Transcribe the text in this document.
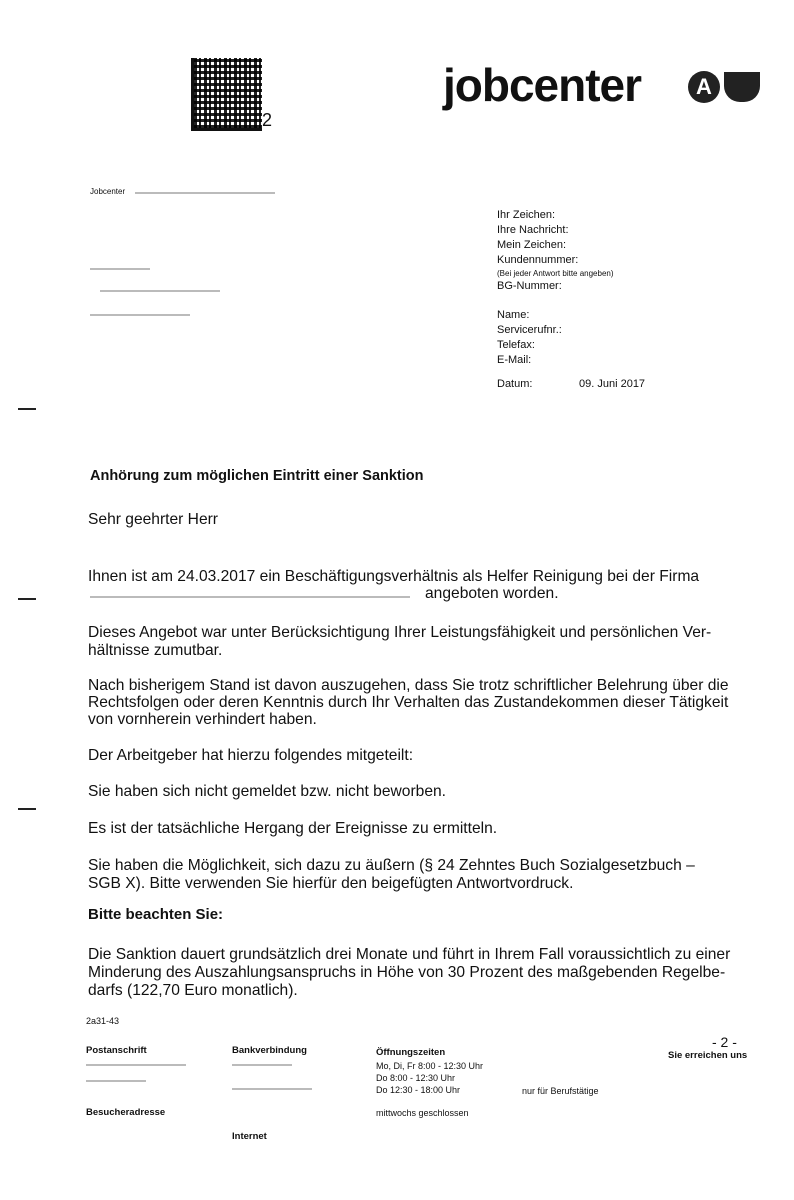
2
jobcenter	A
Jobcenter
Ihr Zeichen:
Ihre Nachricht:
Mein Zeichen:
Kundennummer:
(Bei jeder Antwort bitte angeben)
BG-Nummer:
Name:
Servicerufnr.:
Telefax:
E-Mail:
Datum:	09. Juni 2017
Anhörung zum möglichen Eintritt einer Sanktion
Sehr geehrter Herr
Ihnen ist am 24.03.2017 ein Beschäftigungsverhältnis als Helfer Reinigung bei der Firma
angeboten worden.
Dieses Angebot war unter Berücksichtigung Ihrer Leistungsfähigkeit und persönlichen Ver-
hältnisse zumutbar.
Nach bisherigem Stand ist davon auszugehen, dass Sie trotz schriftlicher Belehrung über die
Rechtsfolgen oder deren Kenntnis durch Ihr Verhalten das Zustandekommen dieser Tätigkeit
von vornherein verhindert haben.
Der Arbeitgeber hat hierzu folgendes mitgeteilt:
Sie haben sich nicht gemeldet bzw. nicht beworben.
Es ist der tatsächliche Hergang der Ereignisse zu ermitteln.
Sie haben die Möglichkeit, sich dazu zu äußern (§ 24 Zehntes Buch Sozialgesetzbuch –
SGB X). Bitte verwenden Sie hierfür den beigefügten Antwortvordruck.
Bitte beachten Sie:
Die Sanktion dauert grundsätzlich drei Monate und führt in Ihrem Fall voraussichtlich zu einer
Minderung des Auszahlungsanspruchs in Höhe von 30 Prozent des maßgebenden Regelbe-
darfs (122,70 Euro monatlich).
2a31-43
- 2 -
Postanschrift
Besucheradresse
Bankverbindung
Internet
Öffnungszeiten
Mo, Di, Fr 8:00 - 12:30 Uhr
Do 8:00 - 12:30 Uhr
Do 12:30 - 18:00 Uhr	nur für Berufstätige
mittwochs geschlossen
Sie erreichen uns
